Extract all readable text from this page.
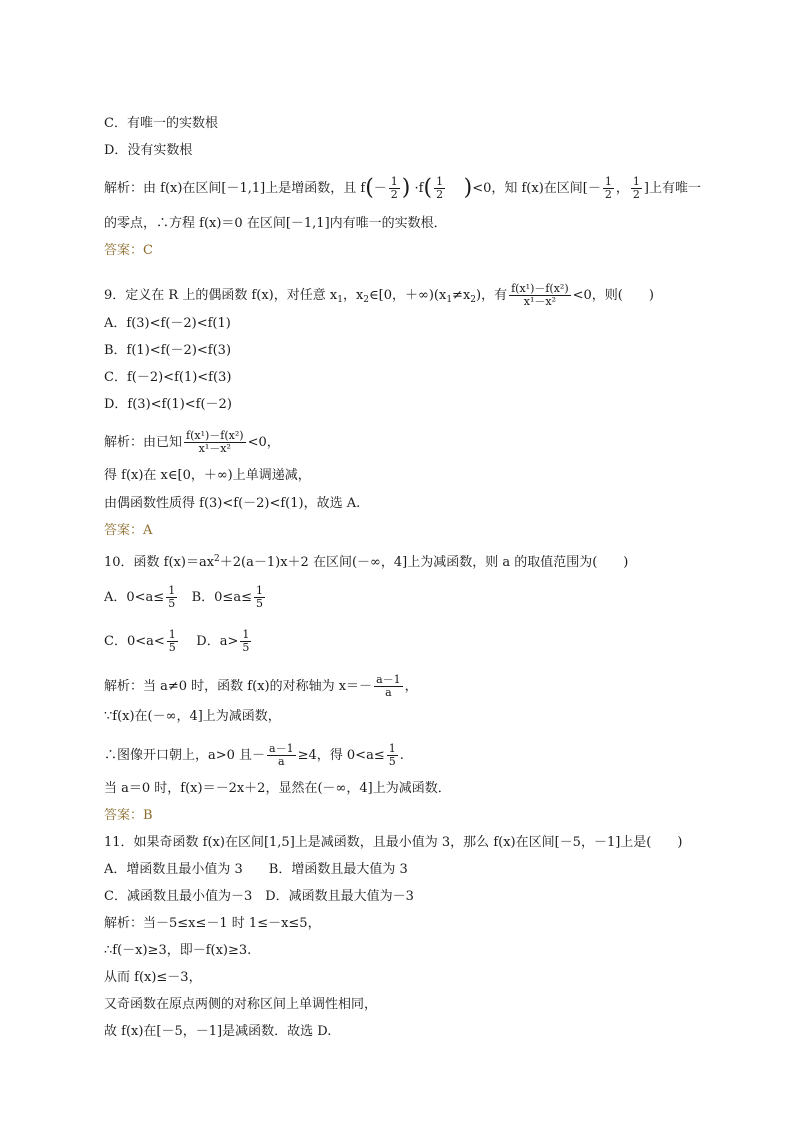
C．有唯一的实数根
D．没有实数根
解析：由 f(x)在区间[－1,1]上是增函数，且 $f(- \frac{1}{2}$ ) $\cdot f( \frac{1}{2} )<0$，知 f(x)在区间[－ $\frac{1}{2}$ ， $\frac{1}{2}$ ]上有唯一
的零点，∴方程 f(x)＝0 在区间[－1,1]内有唯一的实数根．
答案：C
9．定义在 R 上的偶函数 f(x)，对任意 $x_1$，$x_2\in[0$，$+\infty)(x_1\ne x_2)$，有 $\frac{\text{f(x¹)－f(x²)}}{\text{x¹－x²}} <0$，则(　　)
A．f(3)<f(－2)<f(1)
B．f(1)<f(－2)<f(3)
C．f(－2)<f(1)<f(3)
D．f(3)<f(1)<f(－2)
解析：由已知 $\frac{\text{f(x¹)－f(x²)}}{\text{x¹－x²}} <0$，
得 f(x)在 x∈[0，＋∞)上单调递减，
由偶函数性质得 f(3)<f(－2)<f(1)，故选 A.
答案：A
10．函数 $f(x)=ax^2+2(a-1)x+2$ 在区间(－∞，4]上为减函数，则 a 的取值范围为(　　)
A．$0<a\le \frac{1}{5}$ B．$0\le a\le \frac{1}{5}$
C．$0<a< \frac{1}{5}$ D．$a> \frac{1}{5}$
解析：当 a≠0 时，函数 f(x)的对称轴为 $x=- \frac{a-1}{a}$ ，
∵f(x)在(－∞，4]上为减函数，
∴图像开口朝上，a>0 且－ $\frac{a-1}{a} \ge 4$，得 $0<a\le \frac{1}{5}$ .
当 a＝0 时，f(x)＝－2x＋2，显然在(－∞，4]上为减函数．
答案：B
11．如果奇函数 f(x)在区间[1,5]上是减函数，且最小值为 3，那么 f(x)在区间[－5，－1]上是(　　)
A．增函数且最小值为 3　　B．增函数且最大值为 3
C．减函数且最小值为－3　D．减函数且最大值为－3
解析：当－5≤x≤－1 时 1≤－x≤5，
∴f(－x)≥3，即－f(x)≥3.
从而 f(x)≤－3，
又奇函数在原点两侧的对称区间上单调性相同，
故 f(x)在[－5，－1]是减函数．故选 D.
